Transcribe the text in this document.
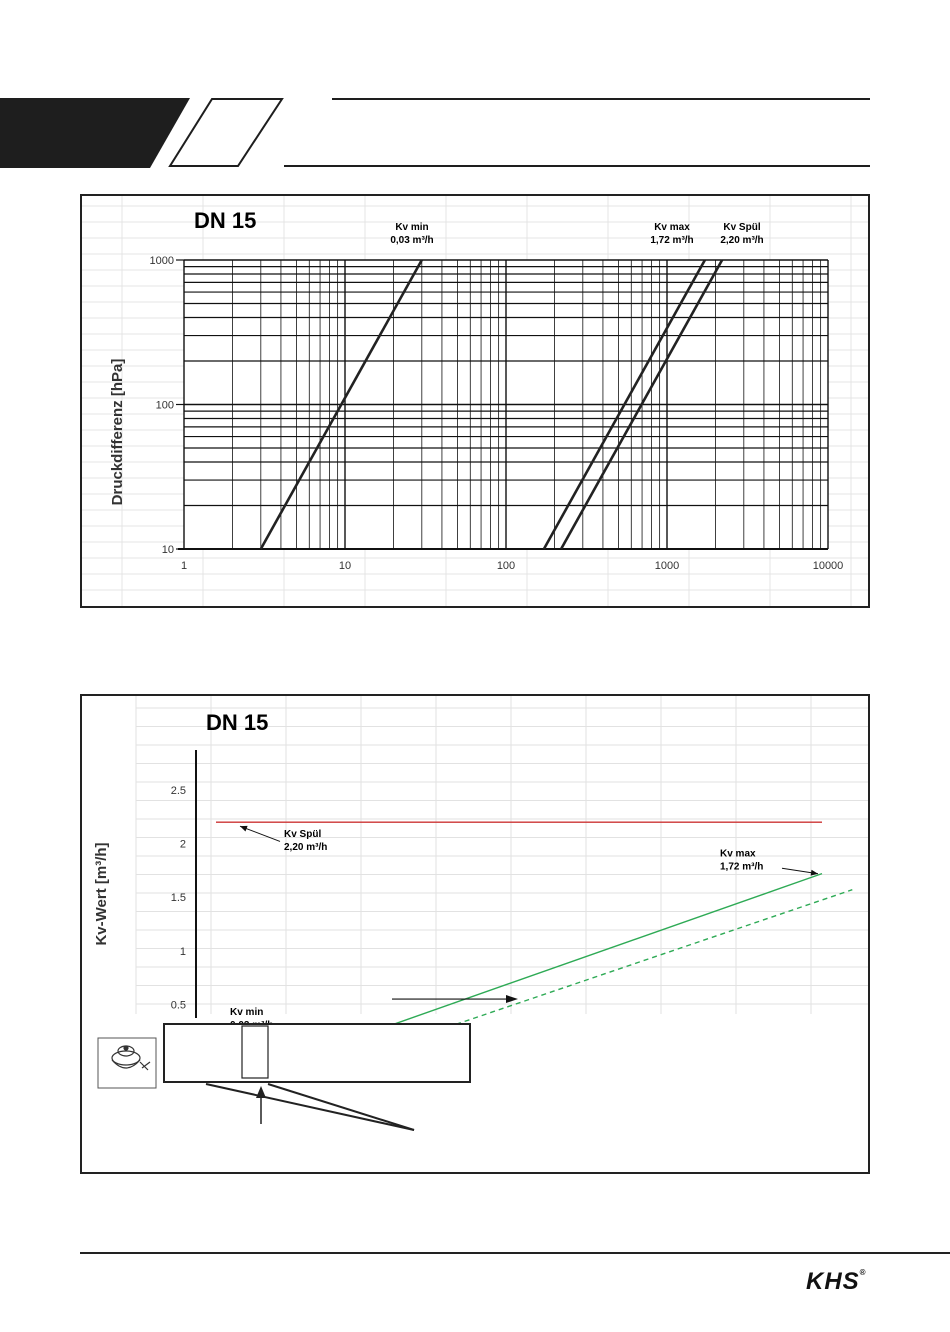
1	10	100	1000	10000
10
100
1000
DN 15
Druckdifferenz [hPa]
Kv min
0,03 m³/h
Kv max
1,72 m³/h
Kv Spül
2,20 m³/h
0.5
1
1.5
2
2.5
DN 15
Kv-Wert [m³/h]
Kv Spül
2,20 m³/h
Kv max
1,72 m³/h
Kv min
KHS®
